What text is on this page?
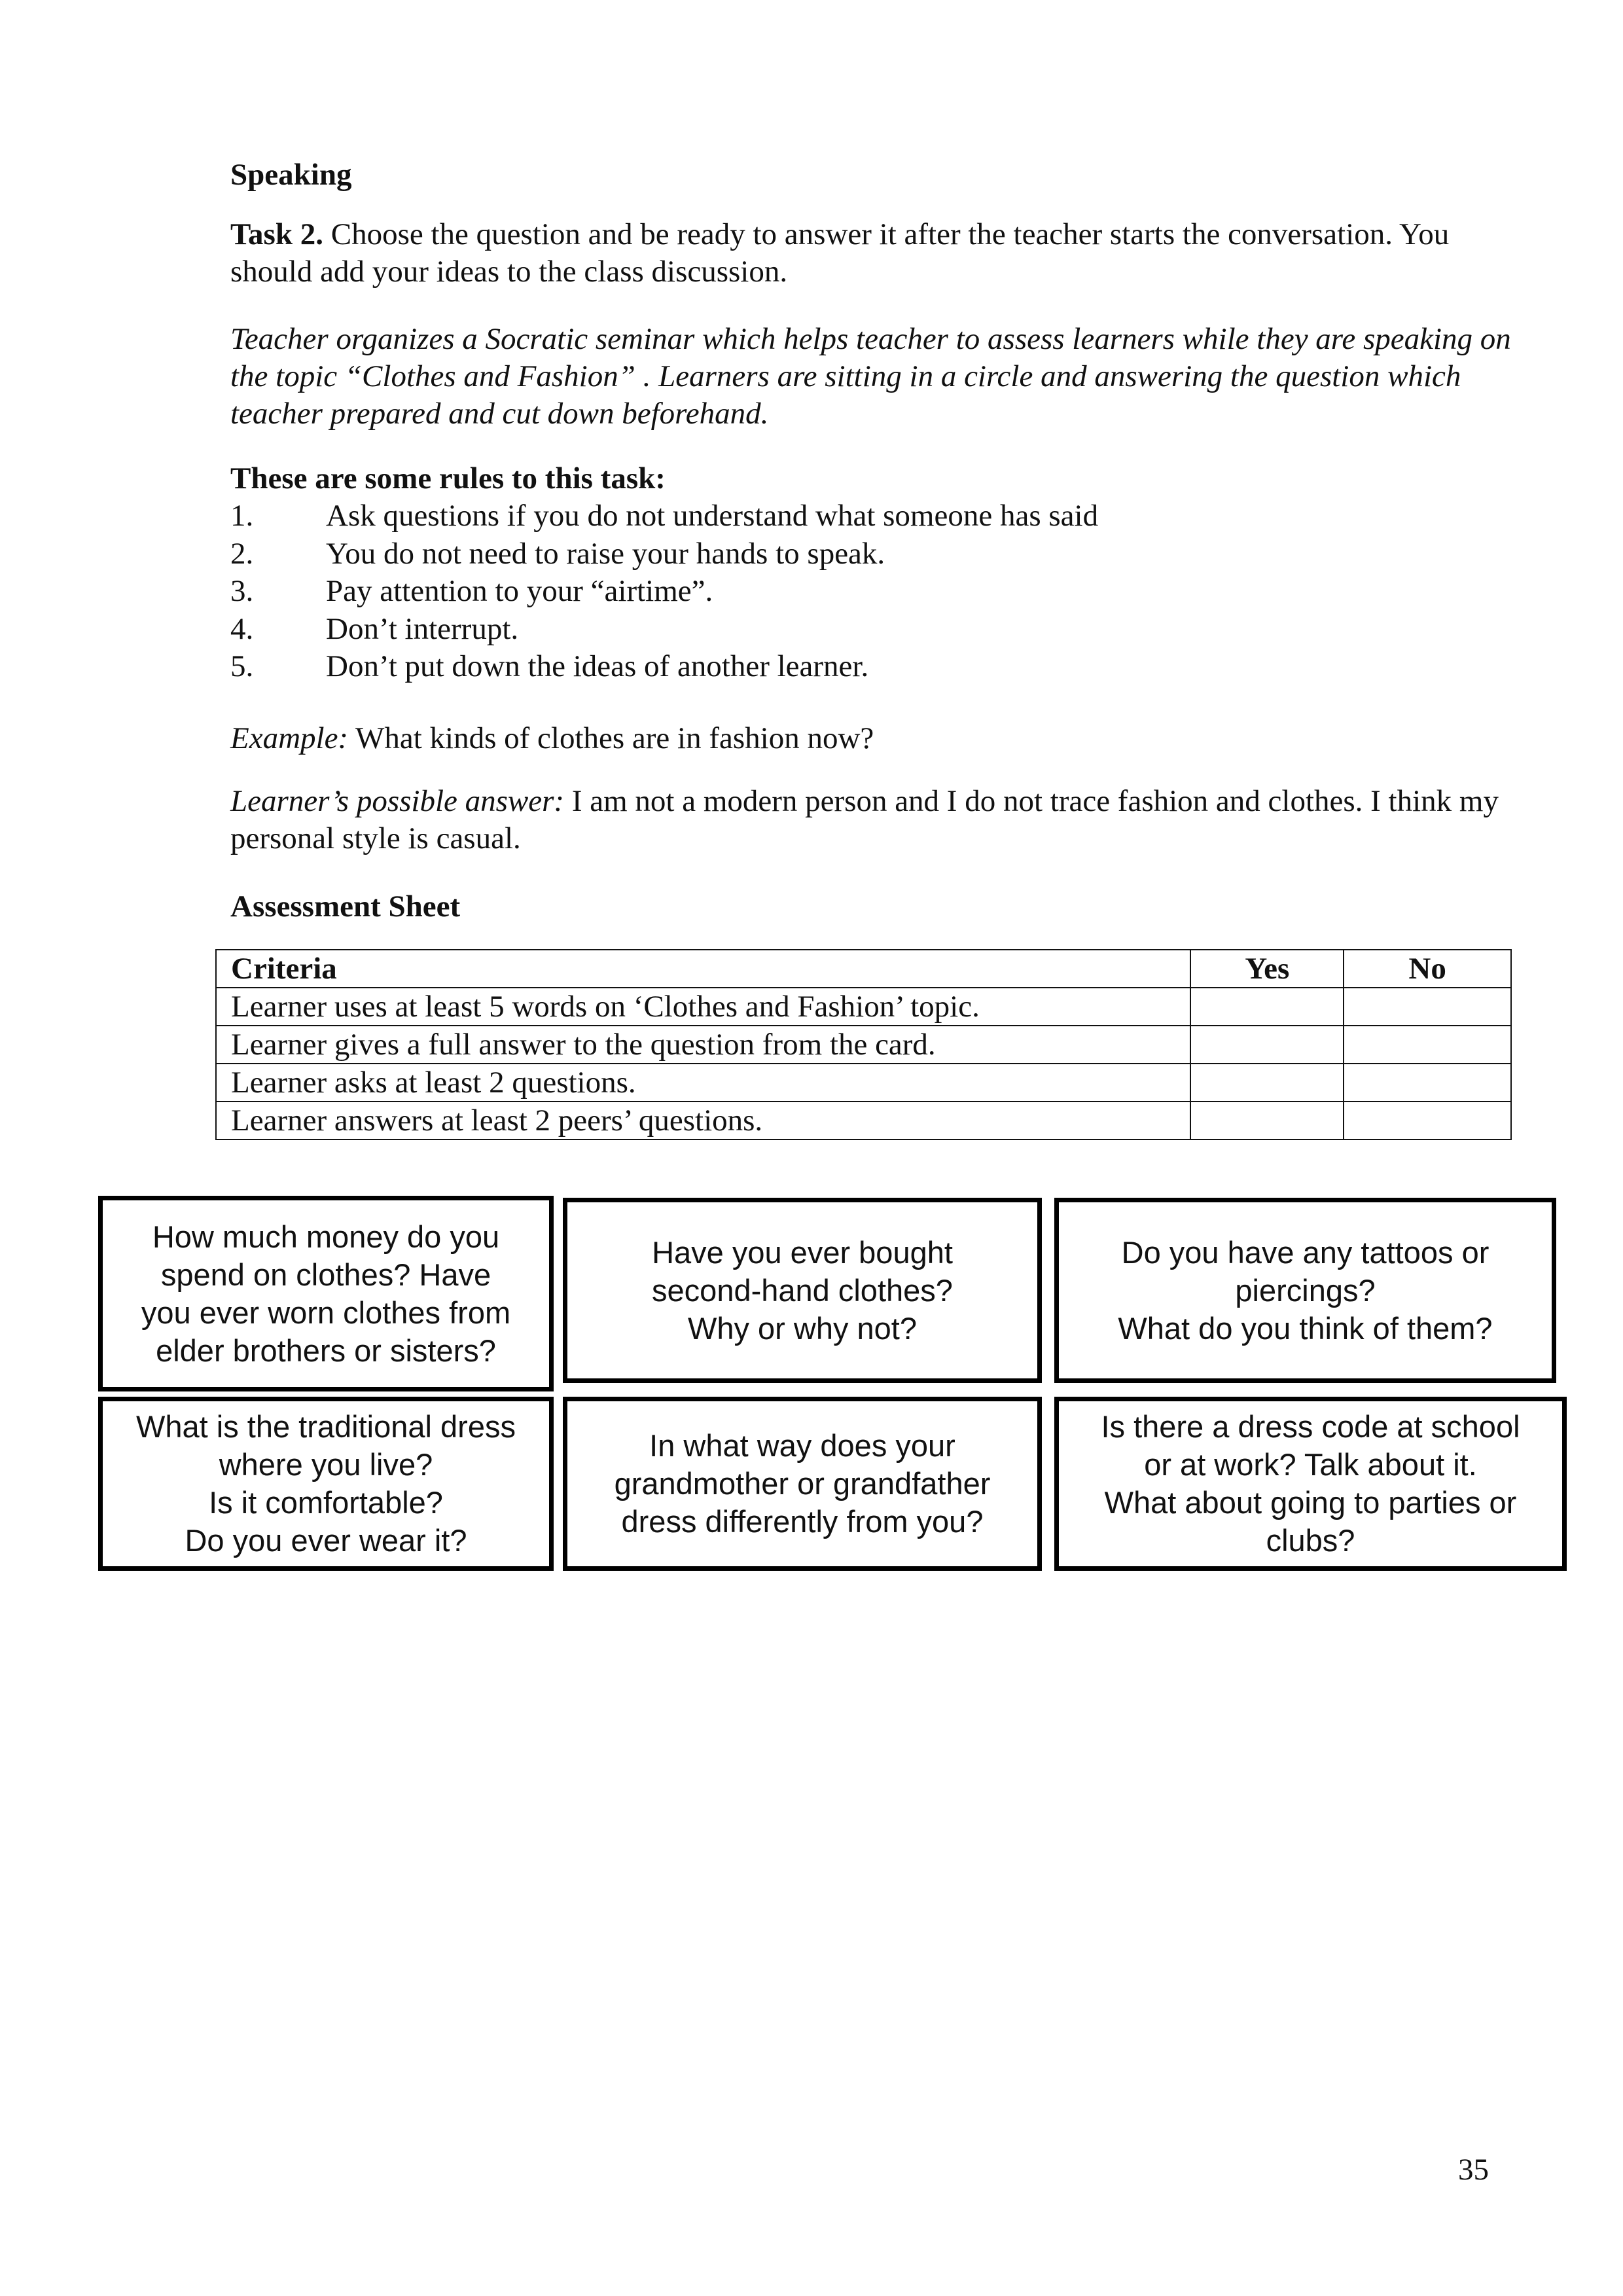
Speaking
Task 2. Choose the question and be ready to answer it after the teacher starts the conversation. You should add your ideas to the class discussion.
Teacher organizes a Socratic seminar which helps teacher to assess learners while they are speaking on the topic “Clothes and Fashion” . Learners are sitting in a circle and answering the question which teacher prepared and cut down beforehand.
These are some rules to this task:
1.	Ask questions if you do not understand what someone has said
2.	You do not need to raise your hands to speak.
3.	Pay attention to your “airtime”.
4.	Don’t interrupt.
5.	Don’t put down the ideas of another learner.
Example: What kinds of clothes are in fashion now?
Learner’s possible answer: I am not a modern person and I do not trace fashion and clothes. I think my personal style is casual.
Assessment Sheet
Criteria	Yes	No
Learner uses at least 5 words on ‘Clothes and Fashion’ topic.		
Learner gives a full answer to the question from the card.		
Learner asks at least 2 questions.		
Learner answers at least 2 peers’ questions.		
How much money do you
spend on clothes? Have
you ever worn clothes from
elder brothers or sisters?
Have you ever bought
second-hand clothes?
Why or why not?
Do you have any tattoos or
piercings?
What do you think of them?
What is the traditional dress
where you live?
Is it comfortable?
Do you ever wear it?
In what way does your
grandmother or grandfather
dress differently from you?
Is there a dress code at school
or at work? Talk about it.
What about going to parties or
clubs?
35
